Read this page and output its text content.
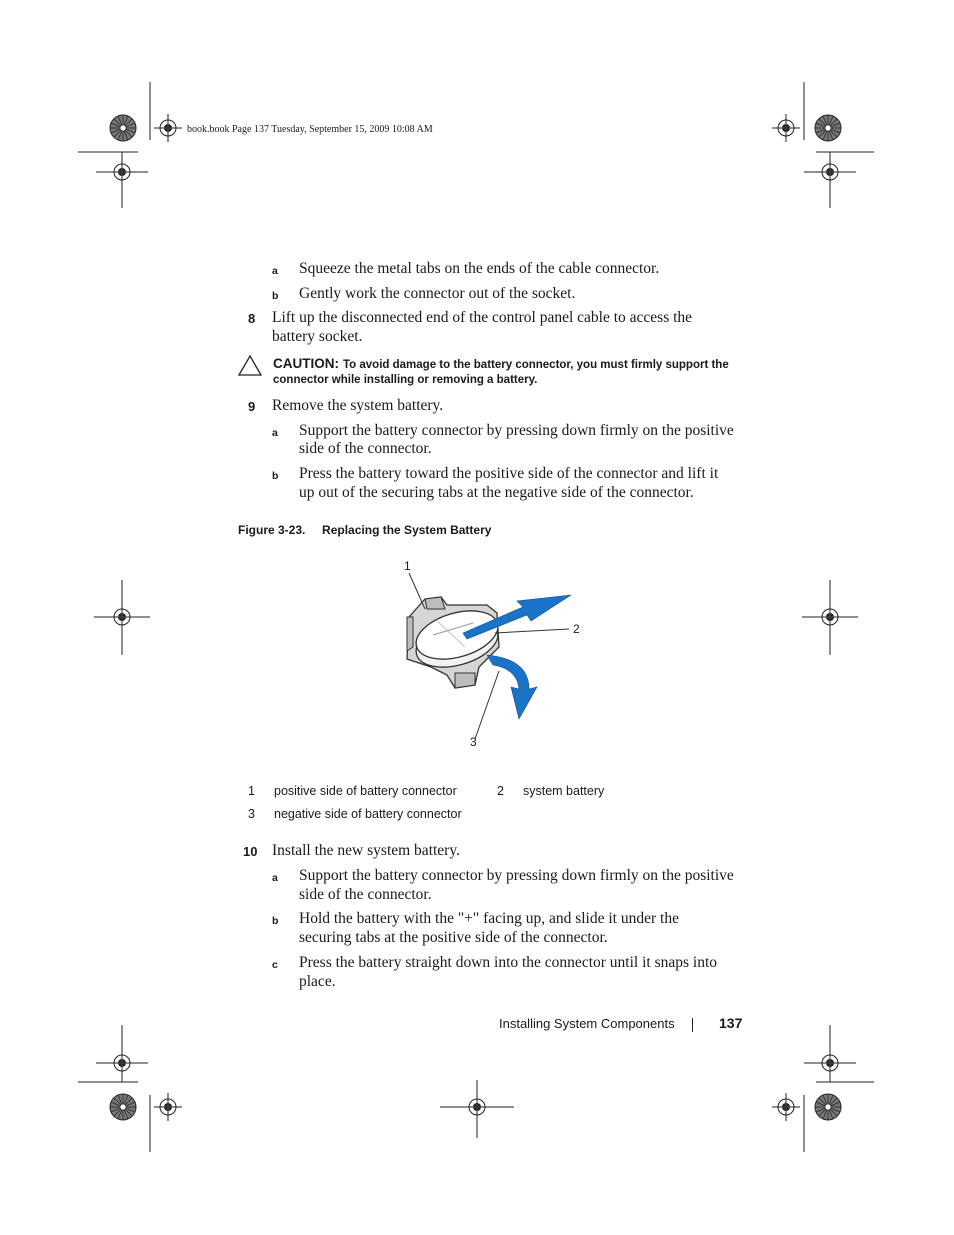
book.book Page 137 Tuesday, September 15, 2009 10:08 AM
a Squeeze the metal tabs on the ends of the cable connector.
b Gently work the connector out of the socket.
8 Lift up the disconnected end of the control panel cable to access the
battery socket.
CAUTION: To avoid damage to the battery connector, you must firmly support the
connector while installing or removing a battery.
9 Remove the system battery.
a Support the battery connector by pressing down firmly on the positive
side of the connector.
b Press the battery toward the positive side of the connector and lift it
up out of the securing tabs at the negative side of the connector.
Figure 3-23. Replacing the System Battery
1
2
3
1 positive side of battery connector	2 system battery
3 negative side of battery connector
10 Install the new system battery.
a Support the battery connector by pressing down firmly on the positive
side of the connector.
b Hold the battery with the "+" facing up, and slide it under the
securing tabs at the positive side of the connector.
c Press the battery straight down into the connector until it snaps into
place.
Installing System Components	137
